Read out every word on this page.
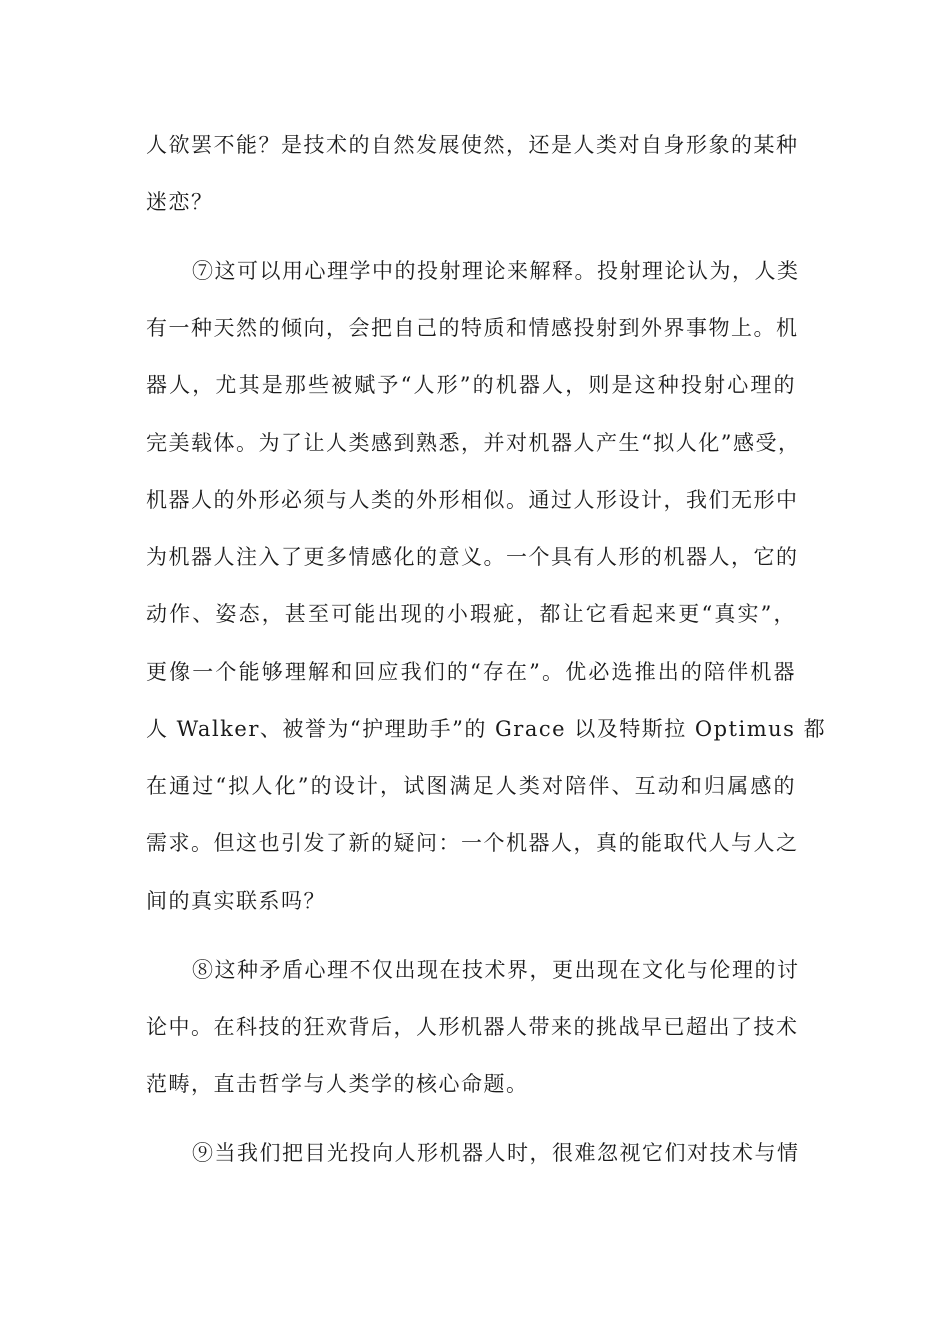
人欲罢不能？是技术的自然发展使然，还是人类对自身形象的某种
迷恋？
⑦这可以用心理学中的投射理论来解释。投射理论认为，人类
有一种天然的倾向，会把自己的特质和情感投射到外界事物上。机
器人，尤其是那些被赋予“人形”的机器人，则是这种投射心理的
完美载体。为了让人类感到熟悉，并对机器人产生“拟人化”感受，
机器人的外形必须与人类的外形相似。通过人形设计，我们无形中
为机器人注入了更多情感化的意义。一个具有人形的机器人，它的
动作、姿态，甚至可能出现的小瑕疵，都让它看起来更“真实”，
更像一个能够理解和回应我们的“存在”。优必选推出的陪伴机器
人 Walker、被誉为“护理助手”的 Grace 以及特斯拉 Optimus 都
在通过“拟人化”的设计，试图满足人类对陪伴、互动和归属感的
需求。但这也引发了新的疑问：一个机器人，真的能取代人与人之
间的真实联系吗？
⑧这种矛盾心理不仅出现在技术界，更出现在文化与伦理的讨
论中。在科技的狂欢背后，人形机器人带来的挑战早已超出了技术
范畴，直击哲学与人类学的核心命题。
⑨当我们把目光投向人形机器人时，很难忽视它们对技术与情
